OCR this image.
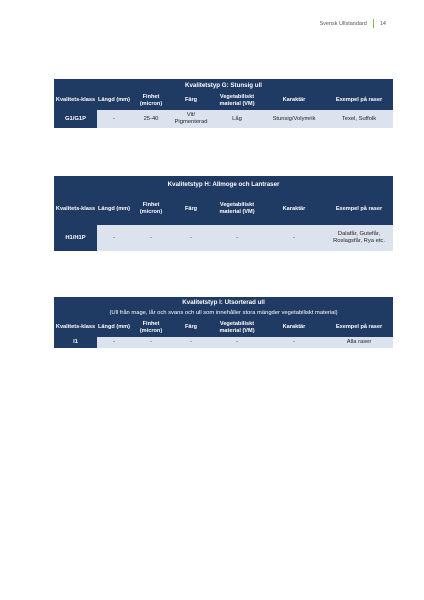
Svensk Ullstandard 14
Kvalitetstyp G: Stunsig ull						
Kvalitets-klass	Längd (mm)	Finhet (micron)	Färg	Vegetabiliskt material (VM)	Karaktär	Exempel på raser
G1/G1P	-	25-40	Vit/ Pigmenterad	Låg	Stunsig/Volymrik	Texel, Suffolk
Kvalitetstyp H: Allmoge och Lantraser						
Kvalitets-klass	Längd (mm)	Finhet (micron)	Färg	Vegetabiliskt material (VM)	Karaktär	Exempel på raser
H1/H1P	-	-	-	-	-	Dalafår, Gutefår, Roslagsfår, Rya etc.
Kvalitetstyp I: Utsorterad ull						
(Ull från mage, lår och svans och ull som innehåller stora mängder vegetabiliskt material)						
Kvalitets-klass	Längd (mm)	Finhet (micron)	Färg	Vegetabiliskt material (VM)	Karaktär	Exempel på raser
I1	-	-	-	-	-	Alla raser
